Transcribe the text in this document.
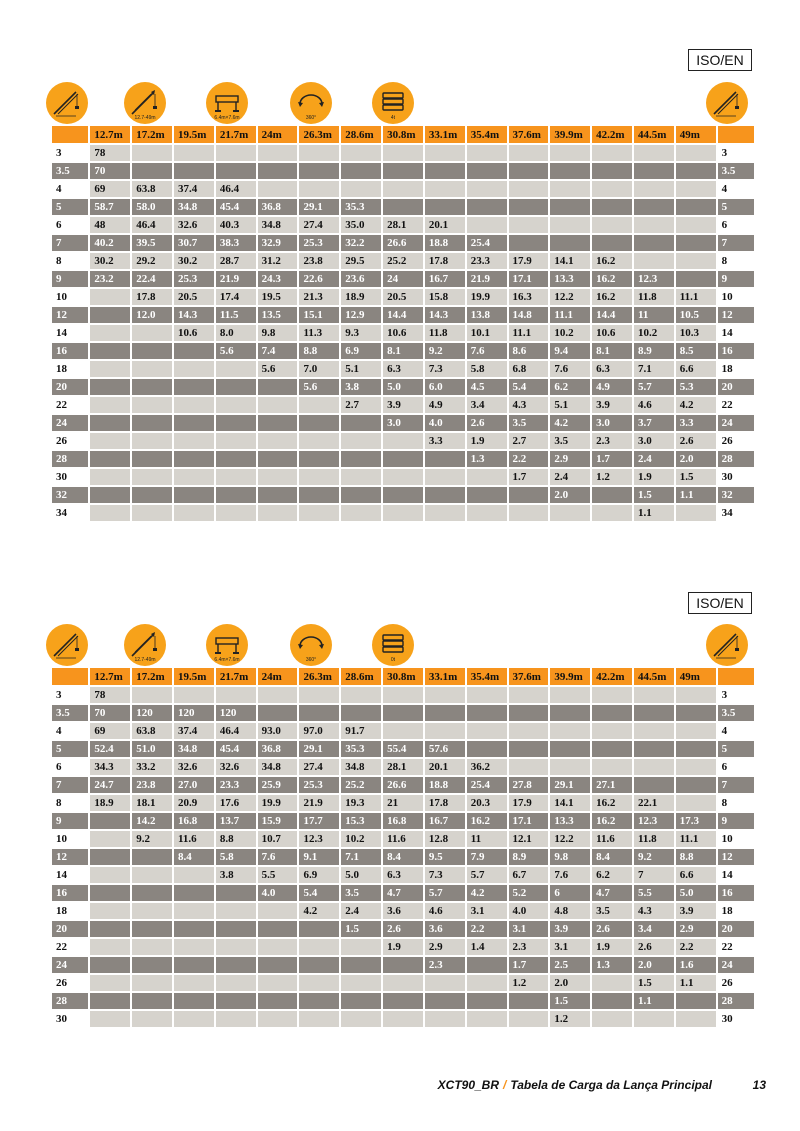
ISO/EN
12.7-49m	6.4m×7.6m	360°	4t
	12.7m	17.2m	19.5m	21.7m	24m	26.3m	28.6m	30.8m	33.1m	35.4m	37.6m	39.9m	42.2m	44.5m	49m	
3	78															3
3.5	70															3.5
4	69	63.8	37.4	46.4												4
5	58.7	58.0	34.8	45.4	36.8	29.1	35.3									5
6	48	46.4	32.6	40.3	34.8	27.4	35.0	28.1	20.1							6
7	40.2	39.5	30.7	38.3	32.9	25.3	32.2	26.6	18.8	25.4						7
8	30.2	29.2	30.2	28.7	31.2	23.8	29.5	25.2	17.8	23.3	17.9	14.1	16.2			8
9	23.2	22.4	25.3	21.9	24.3	22.6	23.6	24	16.7	21.9	17.1	13.3	16.2	12.3		9
10		17.8	20.5	17.4	19.5	21.3	18.9	20.5	15.8	19.9	16.3	12.2	16.2	11.8	11.1	10
12		12.0	14.3	11.5	13.5	15.1	12.9	14.4	14.3	13.8	14.8	11.1	14.4	11	10.5	12
14			10.6	8.0	9.8	11.3	9.3	10.6	11.8	10.1	11.1	10.2	10.6	10.2	10.3	14
16				5.6	7.4	8.8	6.9	8.1	9.2	7.6	8.6	9.4	8.1	8.9	8.5	16
18					5.6	7.0	5.1	6.3	7.3	5.8	6.8	7.6	6.3	7.1	6.6	18
20						5.6	3.8	5.0	6.0	4.5	5.4	6.2	4.9	5.7	5.3	20
22							2.7	3.9	4.9	3.4	4.3	5.1	3.9	4.6	4.2	22
24								3.0	4.0	2.6	3.5	4.2	3.0	3.7	3.3	24
26									3.3	1.9	2.7	3.5	2.3	3.0	2.6	26
28										1.3	2.2	2.9	1.7	2.4	2.0	28
30											1.7	2.4	1.2	1.9	1.5	30
32												2.0		1.5	1.1	32
34														1.1		34
ISO/EN
12.7-49m	6.4m×7.6m	360°	0t
	12.7m	17.2m	19.5m	21.7m	24m	26.3m	28.6m	30.8m	33.1m	35.4m	37.6m	39.9m	42.2m	44.5m	49m	
3	78															3
3.5	70	120	120	120												3.5
4	69	63.8	37.4	46.4	93.0	97.0	91.7									4
5	52.4	51.0	34.8	45.4	36.8	29.1	35.3	55.4	57.6							5
6	34.3	33.2	32.6	32.6	34.8	27.4	34.8	28.1	20.1	36.2						6
7	24.7	23.8	27.0	23.3	25.9	25.3	25.2	26.6	18.8	25.4	27.8	29.1	27.1			7
8	18.9	18.1	20.9	17.6	19.9	21.9	19.3	21	17.8	20.3	17.9	14.1	16.2	22.1		8
9		14.2	16.8	13.7	15.9	17.7	15.3	16.8	16.7	16.2	17.1	13.3	16.2	12.3	17.3	9
10		9.2	11.6	8.8	10.7	12.3	10.2	11.6	12.8	11	12.1	12.2	11.6	11.8	11.1	10
12			8.4	5.8	7.6	9.1	7.1	8.4	9.5	7.9	8.9	9.8	8.4	9.2	8.8	12
14				3.8	5.5	6.9	5.0	6.3	7.3	5.7	6.7	7.6	6.2	7	6.6	14
16					4.0	5.4	3.5	4.7	5.7	4.2	5.2	6	4.7	5.5	5.0	16
18						4.2	2.4	3.6	4.6	3.1	4.0	4.8	3.5	4.3	3.9	18
20							1.5	2.6	3.6	2.2	3.1	3.9	2.6	3.4	2.9	20
22								1.9	2.9	1.4	2.3	3.1	1.9	2.6	2.2	22
24									2.3		1.7	2.5	1.3	2.0	1.6	24
26											1.2	2.0		1.5	1.1	26
28												1.5		1.1		28
30												1.2				30
XCT90_BR / Tabela de Carga da Lança Principal	13
